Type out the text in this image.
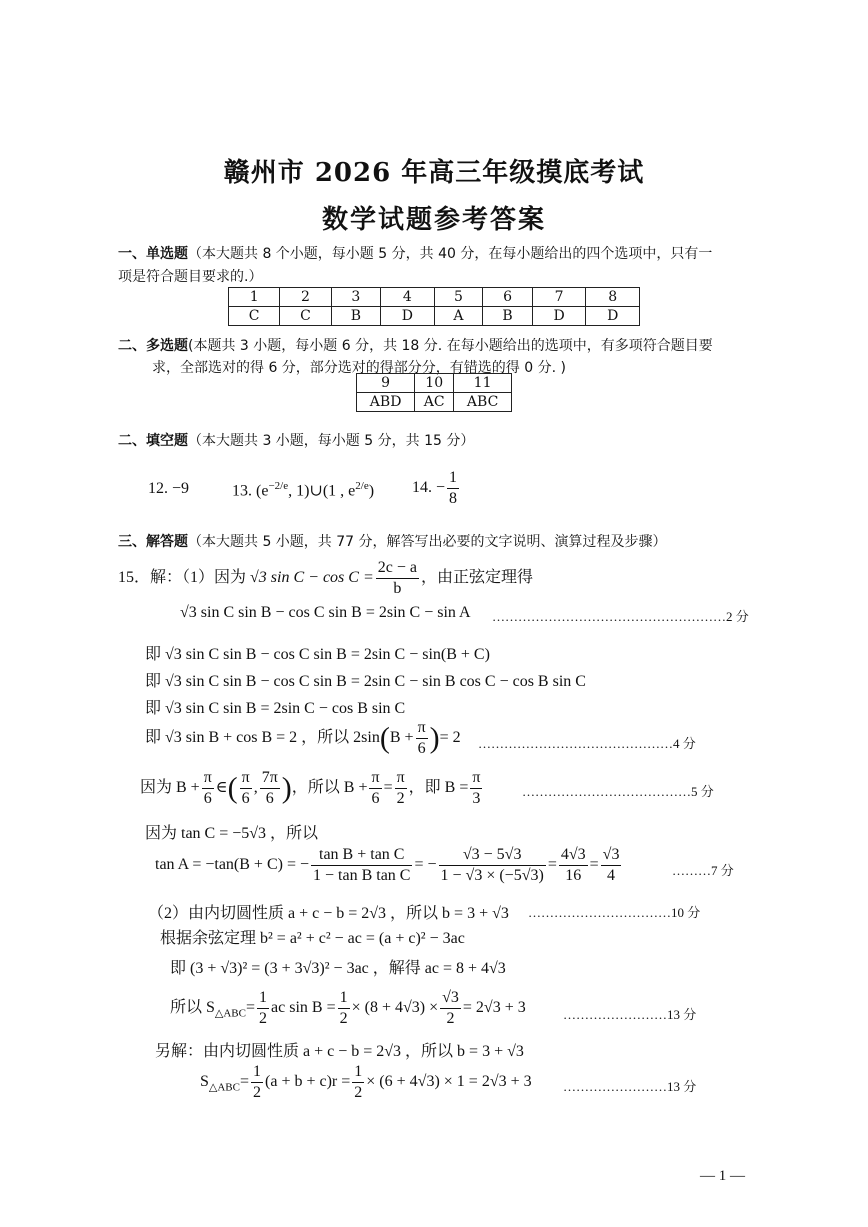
赣州市 2026 年高三年级摸底考试
数学试题参考答案
一、单选题（本大题共 8 个小题，每小题 5 分，共 40 分，在每小题给出的四个选项中，只有一
项是符合题目要求的.）
1	2	3	4	5	6	7	8
C	C	B	D	A	B	D	D
二、多选题(本题共 3 小题，每小题 6 分，共 18 分. 在每小题给出的选项中，有多项符合题目要
求，全部选对的得 6 分，部分选对的得部分分，有错选的得 0 分. )
9	10	11
ABD	AC	ABC
二、填空题（本大题共 3 小题，每小题 5 分，共 15 分）
12. −9	13. ($e^{-2/e}$, 1)∪(1 , $e^{2/e}$) 14. − $\frac{1}{8}$
三、解答题（本大题共 5 小题，共 77 分，解答写出必要的文字说明、演算过程及步骤）
15．解：（1）因为 √3 $\sin C - \cos C = \frac{2c - a}{b}$ ，由正弦定理得
√3 sin C sin B − cos C sin B = 2sin C − sin A ………………………………………………2 分
即 √3 sin C sin B − cos C sin B = 2sin C − sin(B + C)
即 √3 sin C sin B − cos C sin B = 2sin C − sin B cos C − cos B sin C
即 √3 sin C sin B = 2sin C − cos B sin C
即 √3 sin B + cos B = 2 ，所以 $2\sin(B + \frac{\pi}{6}$ )= 2 ………………………………………4 分
因为 $B + \frac{\pi}{6}$ ∈( $\frac{\pi}{6}$ , $\frac{7\pi}{6}$ )，所以 $B + \frac{\pi}{6} = \frac{\pi}{2}$ ，即 $B = \frac{\pi}{3}$	…………………………………5 分
因为 tan C = −5√3 ，所以
tan A = −tan(B + C) = − $\frac{\text{tan B + tan C}}{\text{1 − tan B tan C}}$ = − $\frac{√3 - 5√3}{1 - √3 \times (-5√3)} = \frac{4√3}{16} = \frac{√3}{4}$	………7 分
（2）由内切圆性质 a + c − b = 2√3 ，所以 b = 3 + √3 ……………………………10 分
根据余弦定理 b² = a² + c² − ac = (a + c)² − 3ac
即 (3 + √3)² = (3 + 3√3)² − 3ac ，解得 ac = 8 + 4√3
所以 $S_{\triangle ABC}= \frac{1}{2}$ ac $\sin B = \frac{1}{2} \times (8 + 4√3) \times \frac{√3}{2} = 2√3 + 3$	……………………13 分
另解：由内切圆性质 a + c − b = 2√3 ，所以 b = 3 + √3
$S_{\triangle ABC}= \frac{1}{2} (a + b + c)r = \frac{1}{2} \times (6 + 4√3) \times 1 = 2√3 + 3$ ……………………13 分
— 1 —
